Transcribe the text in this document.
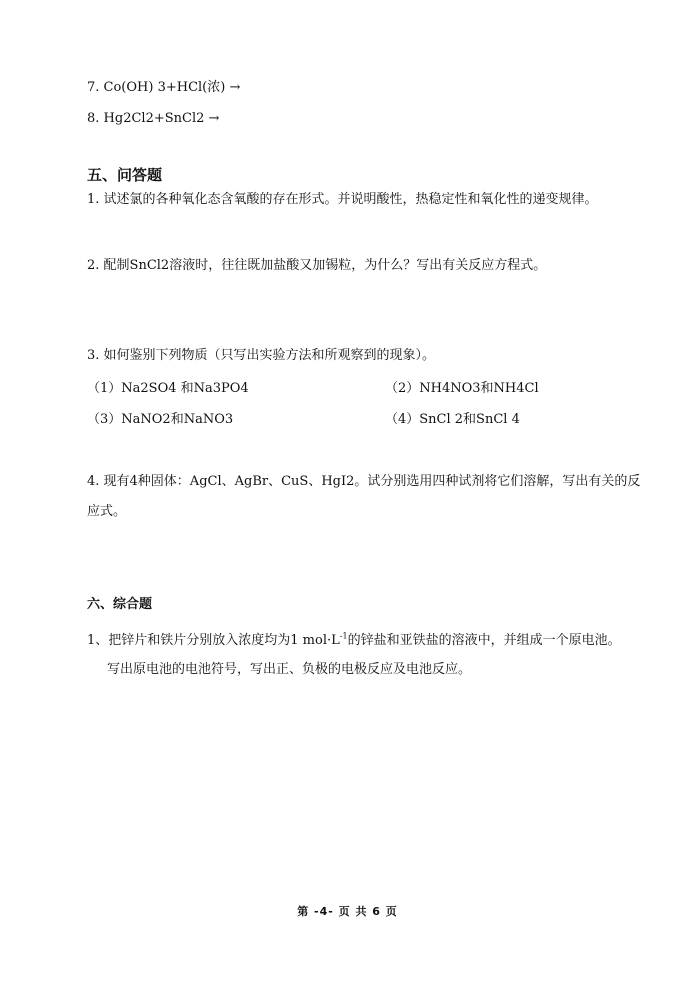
7. Co(OH) 3+HCl(浓) →
8. Hg2Cl2+SnCl2 →
五、问答题
1. 试述氯的各种氧化态含氧酸的存在形式。并说明酸性，热稳定性和氧化性的递变规律。
2. 配制SnCl2溶液时，往往既加盐酸又加锡粒，为什么？写出有关反应方程式。
3. 如何鉴别下列物质（只写出实验方法和所观察到的现象）。
（1）Na2SO4 和Na3PO4	（2）NH4NO3和NH4Cl
（3）NaNO2和NaNO3	（4）SnCl 2和SnCl 4
4. 现有4种固体：AgCl、AgBr、CuS、HgI2。试分别选用四种试剂将它们溶解，写出有关的反
应式。
六、综合题
1、把锌片和铁片分别放入浓度均为1 $mol\cdot L^{-1}$的锌盐和亚铁盐的溶液中，并组成一个原电池。
写出原电池的电池符号，写出正、负极的电极反应及电池反应。
第 -4- 页 共 6 页
